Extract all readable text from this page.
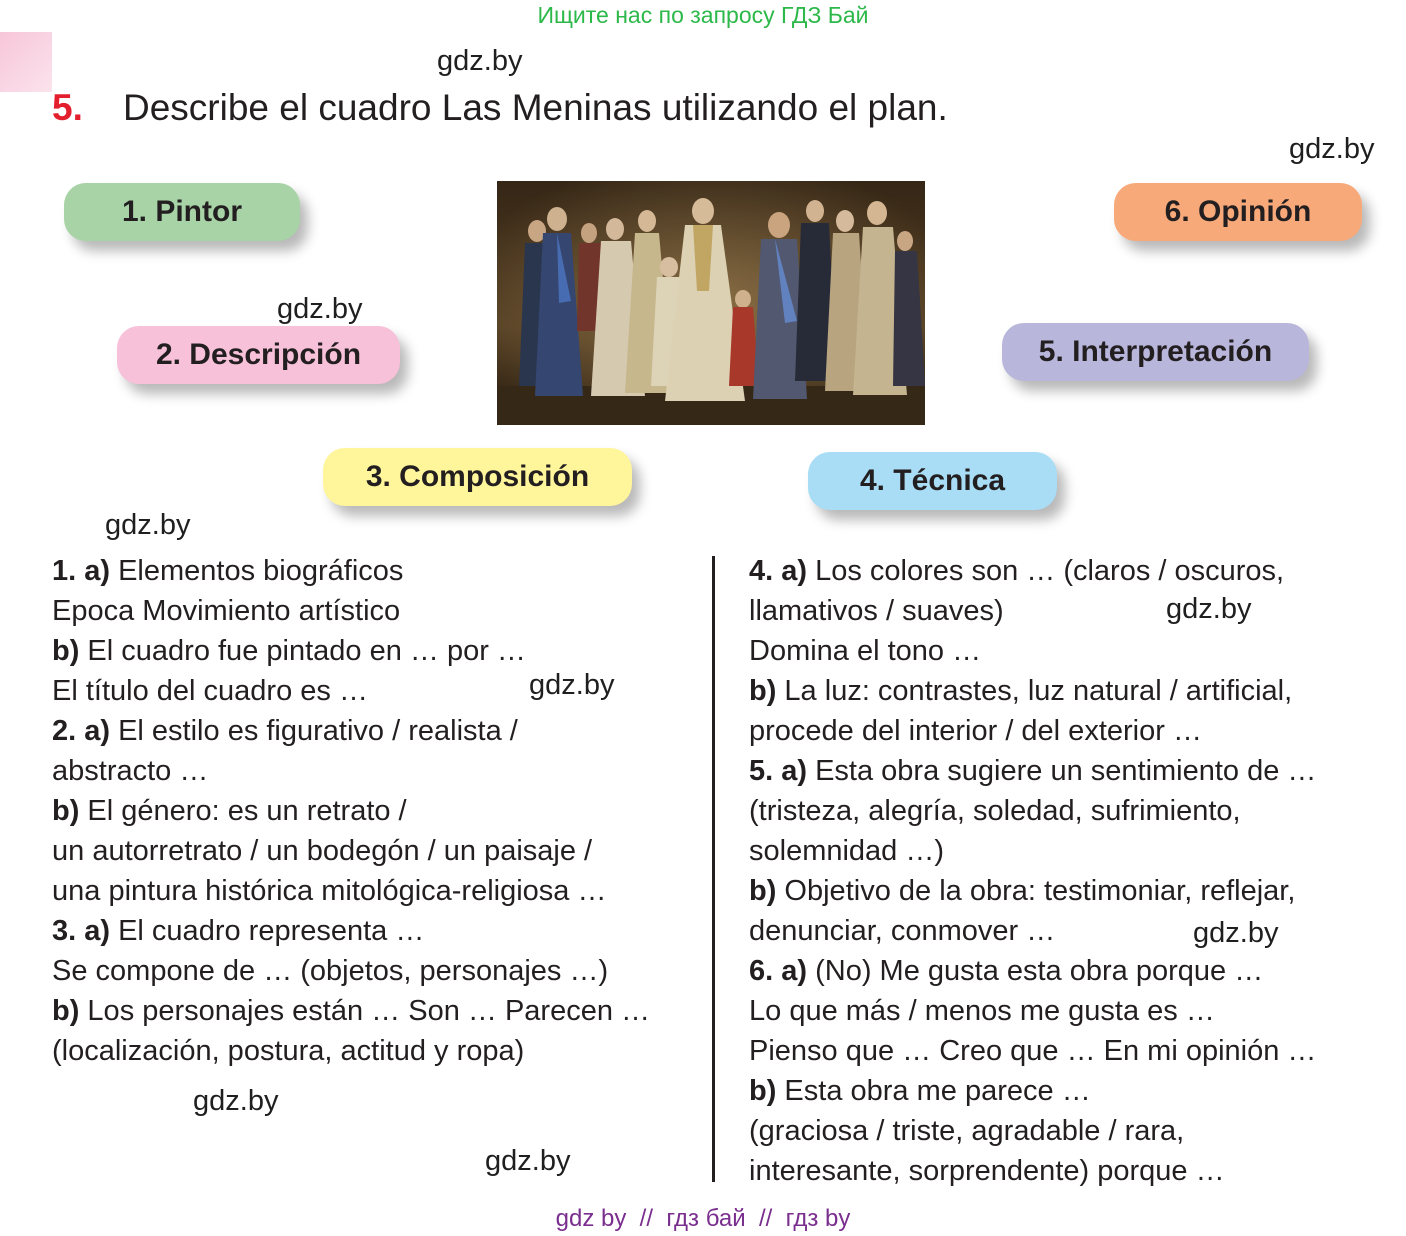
Ищите нас по запросу ГДЗ Бай
gdz.by
gdz.by
gdz.by
gdz.by
gdz.by
gdz.by
gdz.by
gdz.by
gdz.by
5. Describe el cuadro Las Meninas utilizando el plan.
1. Pintor
2. Descripción
3. Composición	4. Técnica
5. Interpretación
6. Opinión
1. a) Elementos biográficos
Epoca Movimiento artístico
b) El cuadro fue pintado en … por …
El título del cuadro es …
2. a) El estilo es figurativo / realista /
abstracto …
b) El género: es un retrato /
un autorretrato / un bodegón / un paisaje /
una pintura histórica mitológica-religiosa …
3. a) El cuadro representa …
Se compone de … (objetos, personajes …)
b) Los personajes están … Son … Parecen …
(localización, postura, actitud y ropa)
4. a) Los colores son … (claros / oscuros,
llamativos / suaves)
Domina el tono …
b) La luz: contrastes, luz natural / artificial,
procede del interior / del exterior …
5. a) Esta obra sugiere un sentimiento de …
(tristeza, alegría, soledad, sufrimiento,
solemnidad …)
b) Objetivo de la obra: testimoniar, reflejar,
denunciar, conmover …
6. a) (No) Me gusta esta obra porque …
Lo que más / menos me gusta es …
Pienso que … Creo que … En mi opinión …
b) Esta obra me parece …
(graciosa / triste, agradable / rara,
interesante, sorprendente) porque …
gdz by  //  гдз бай  //  гдз by
